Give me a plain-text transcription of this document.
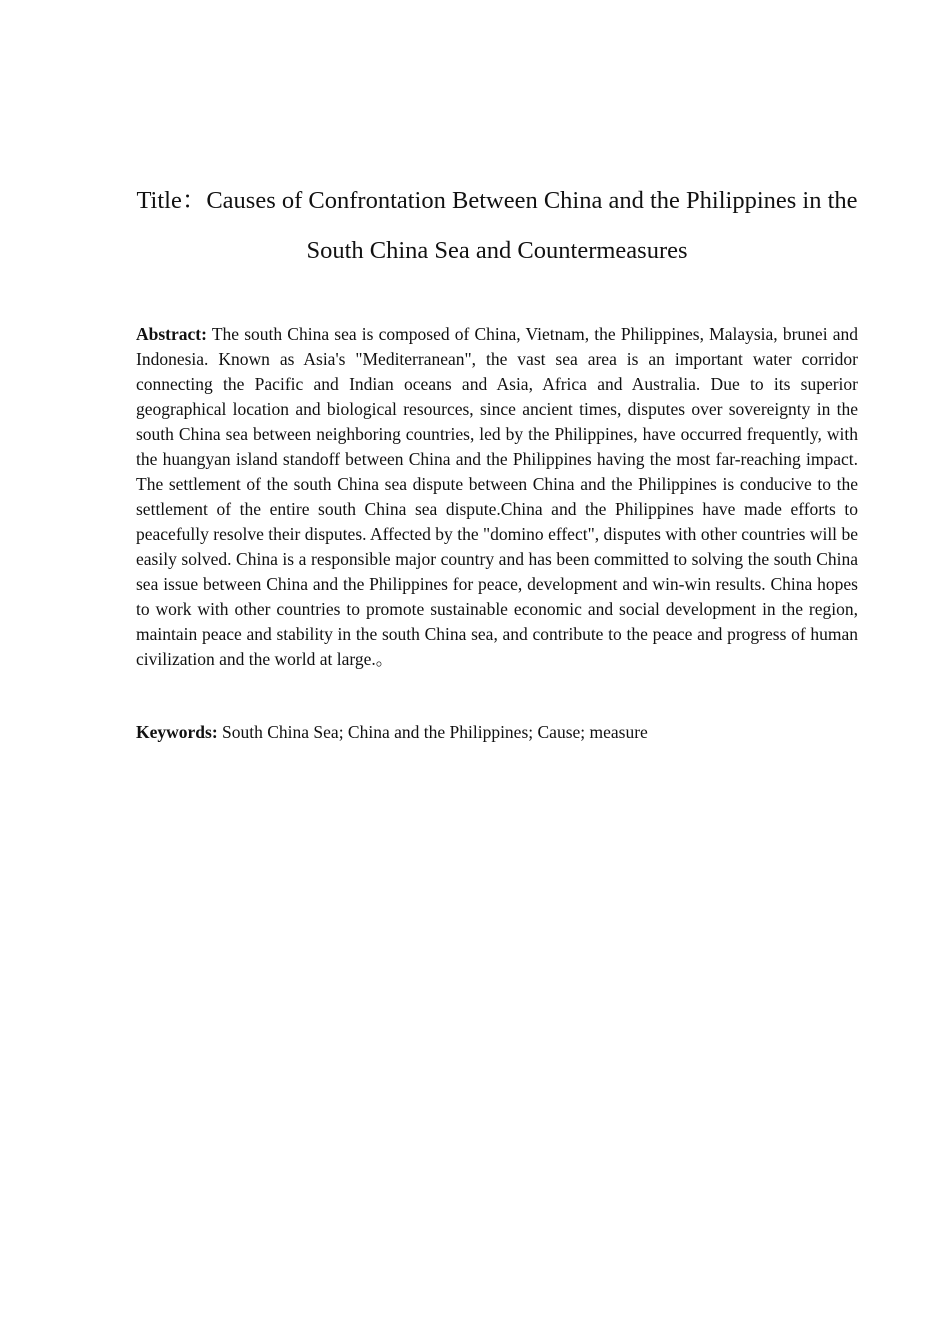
Title：Causes of Confrontation Between China and the Philippines in the South China Sea and Countermeasures

Abstract: The south China sea is composed of China, Vietnam, the Philippines, Malaysia, brunei and Indonesia. Known as Asia's "Mediterranean", the vast sea area is an important water corridor connecting the Pacific and Indian oceans and Asia, Africa and Australia. Due to its superior geographical location and biological resources, since ancient times, disputes over sovereignty in the south China sea between neighboring countries, led by the Philippines, have occurred frequently, with the huangyan island standoff between China and the Philippines having the most far-reaching impact. The settlement of the south China sea dispute between China and the Philippines is conducive to the settlement of the entire south China sea dispute.China and the Philippines have made efforts to peacefully resolve their disputes. Affected by the "domino effect", disputes with other countries will be easily solved. China is a responsible major country and has been committed to solving the south China sea issue between China and the Philippines for peace, development and win-win results. China hopes to work with other countries to promote sustainable economic and social development in the region, maintain peace and stability in the south China sea, and contribute to the peace and progress of human civilization and the world at large.。

Keywords: South China Sea; China and the Philippines; Cause; measure
